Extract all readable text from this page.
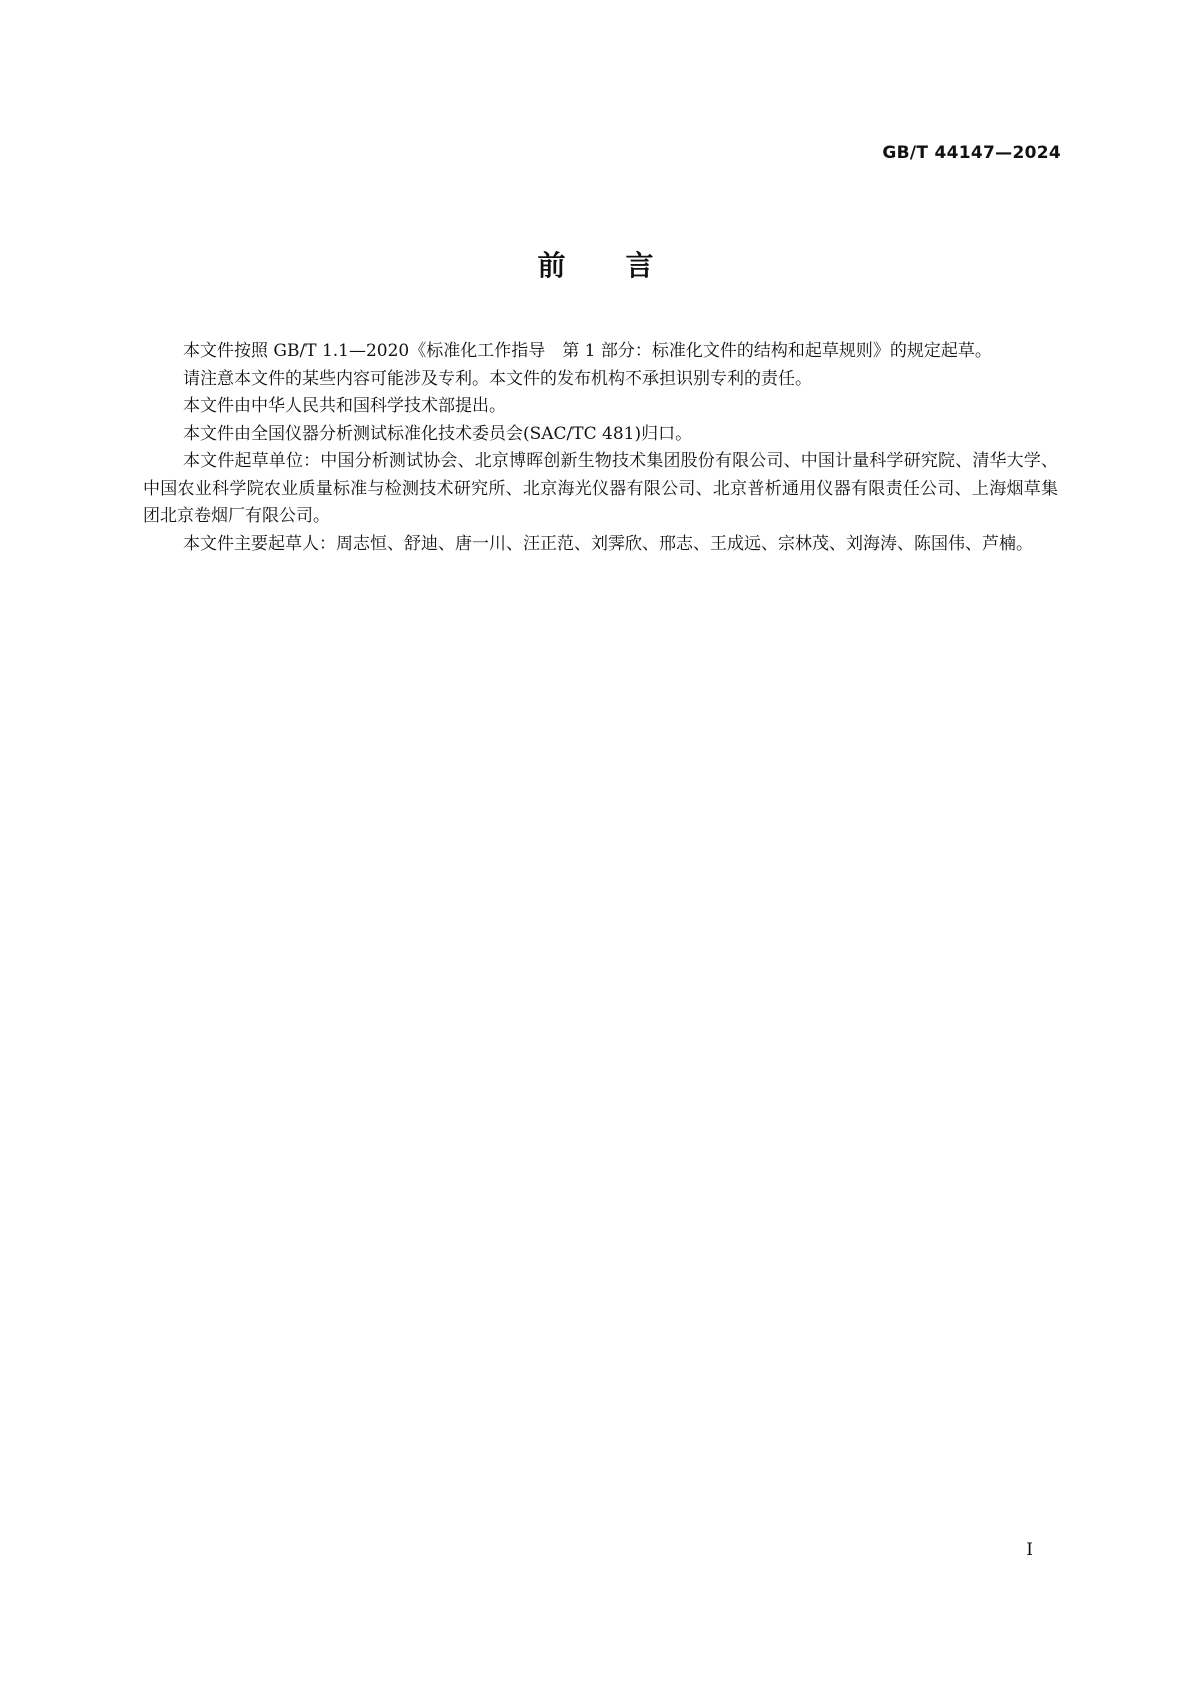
GB/T 44147—2024
前言

本文件按照 GB/T 1.1—2020《标准化工作指导　第 1 部分：标准化文件的结构和起草规则》的规定起草。

请注意本文件的某些内容可能涉及专利。本文件的发布机构不承担识别专利的责任。

本文件由中华人民共和国科学技术部提出。

本文件由全国仪器分析测试标准化技术委员会(SAC/TC 481)归口。

本文件起草单位：中国分析测试协会、北京博晖创新生物技术集团股份有限公司、中国计量科学研究院、清华大学、中国农业科学院农业质量标准与检测技术研究所、北京海光仪器有限公司、北京普析通用仪器有限责任公司、上海烟草集团北京卷烟厂有限公司。

本文件主要起草人：周志恒、舒迪、唐一川、汪正范、刘霁欣、邢志、王成远、宗林茂、刘海涛、陈国伟、芦楠。

I
